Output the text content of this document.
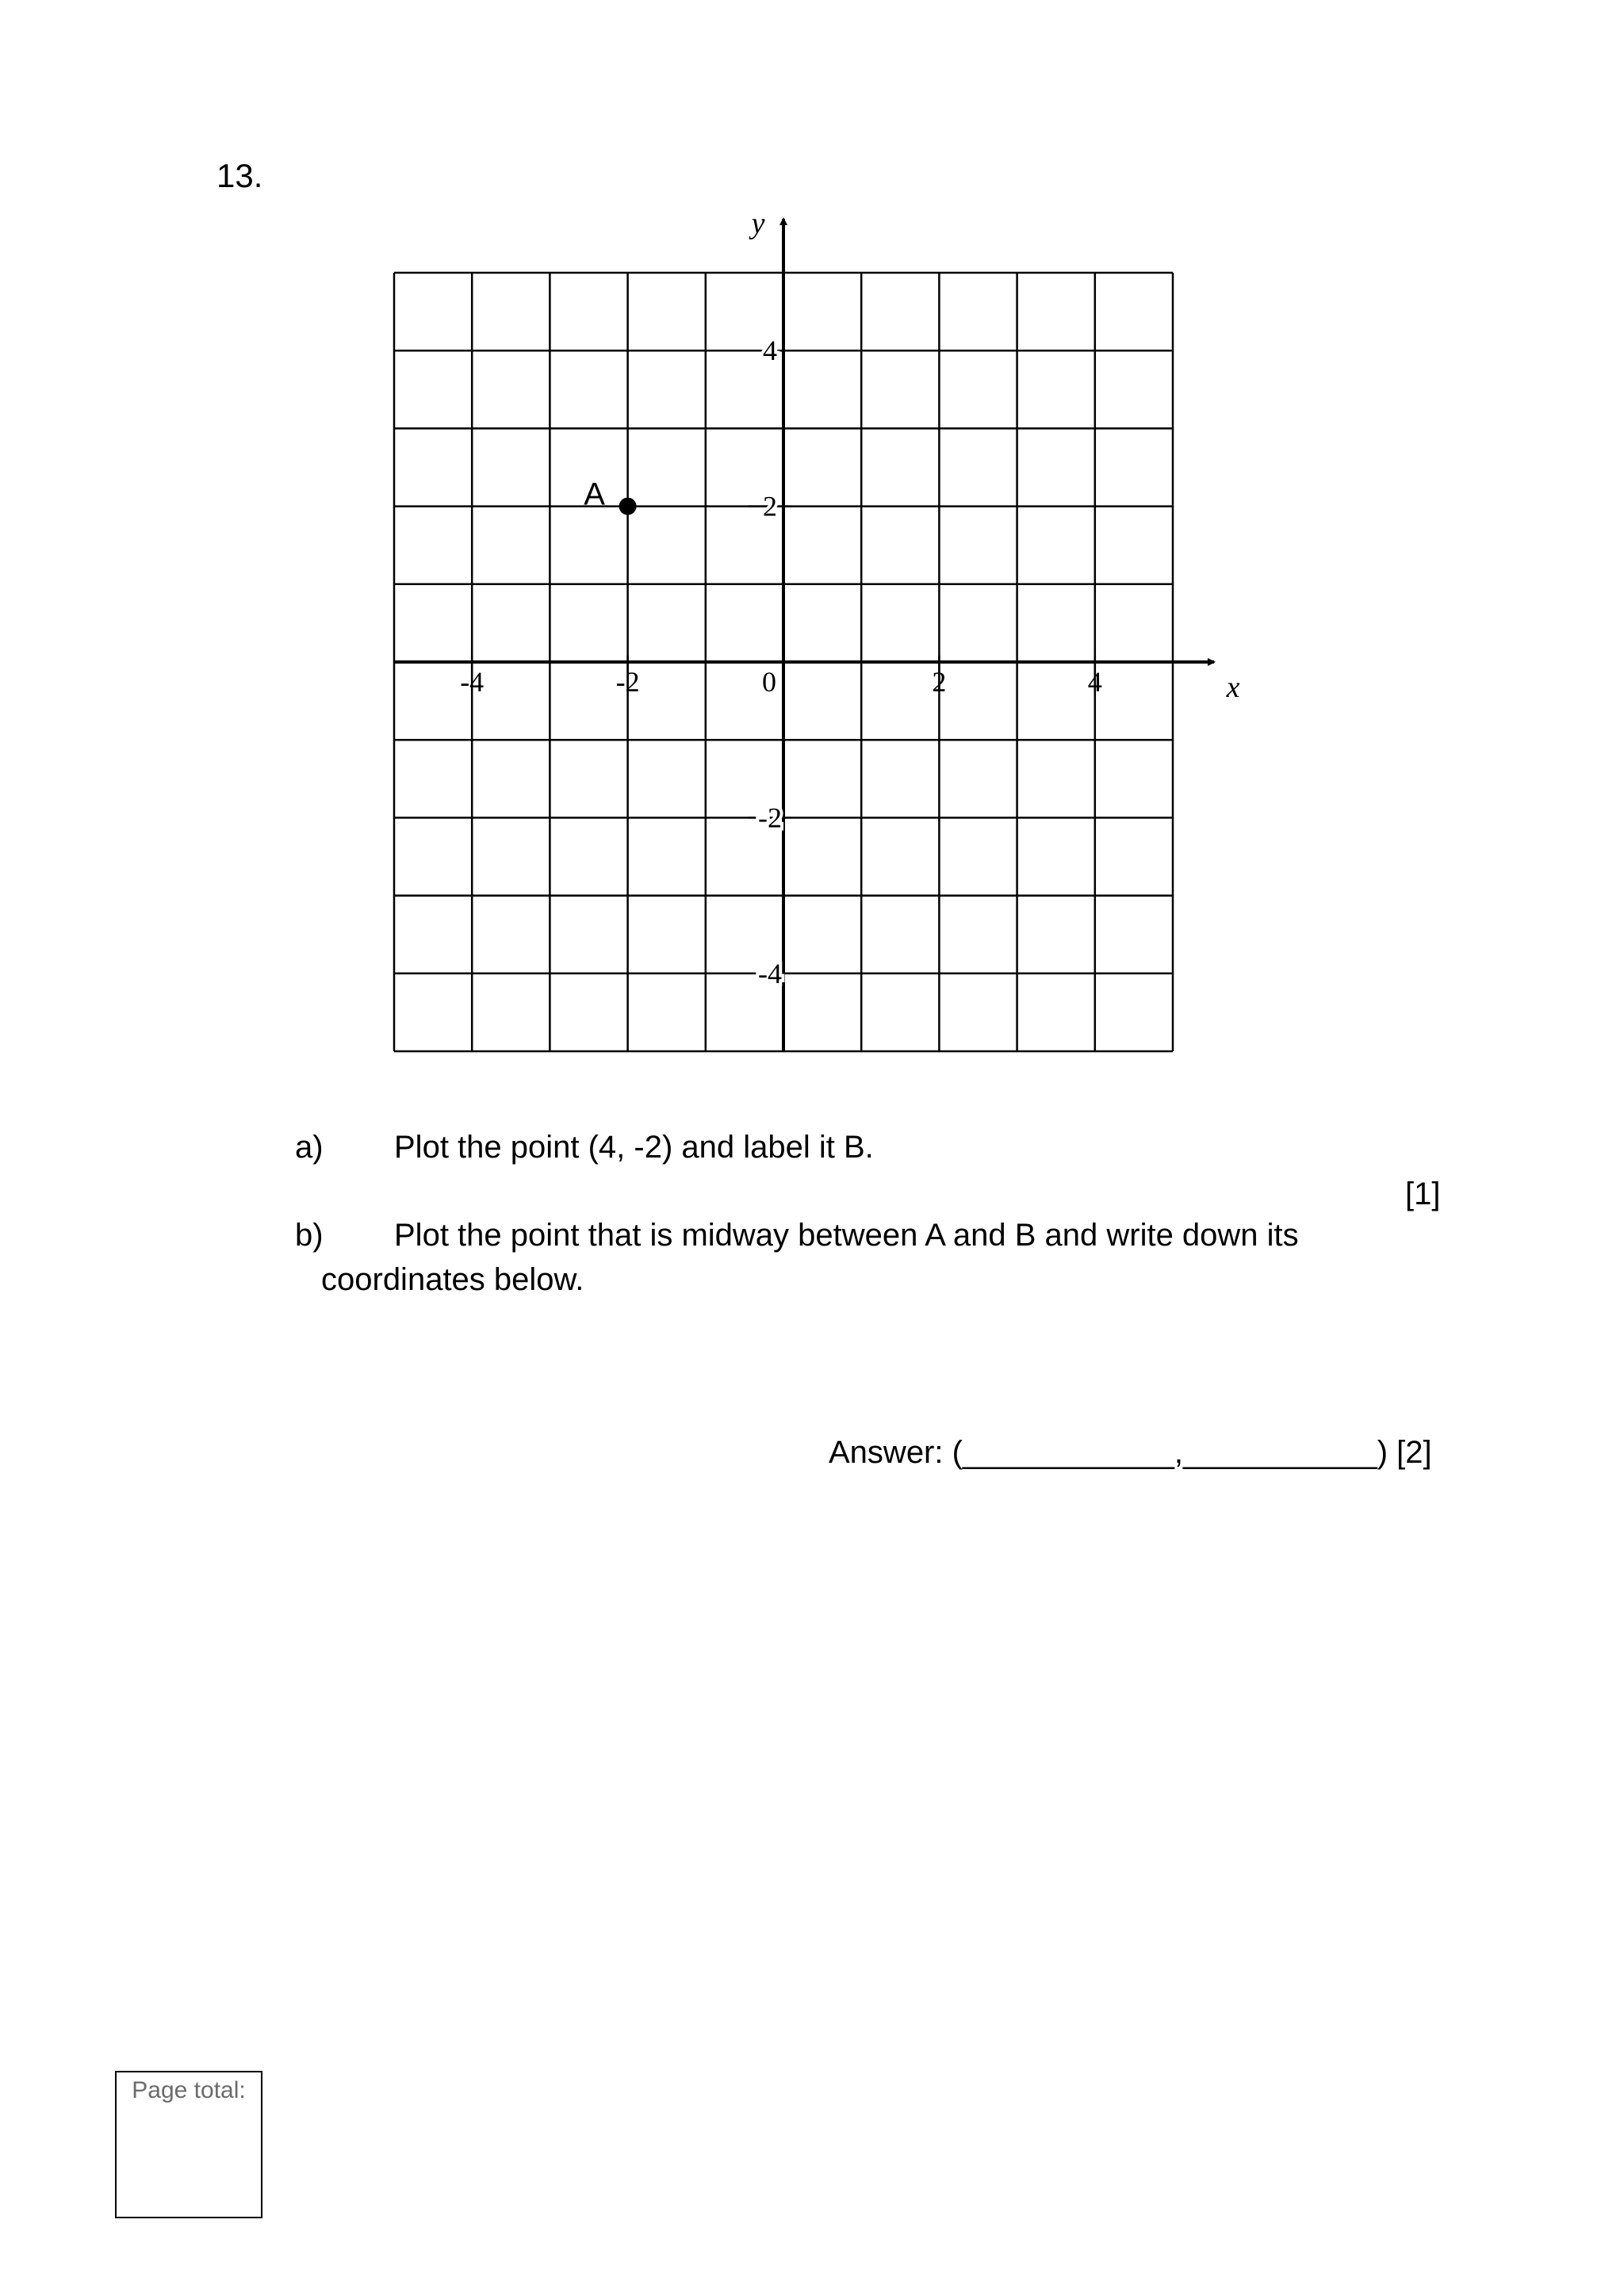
13.
x
y
-4	-2	0	2	4
4
2
-2
-4
A
a) Plot the point (4, -2) and label it B.
[1]
b) Plot the point that is midway between A and B and write down its
coordinates below.
Answer: (____________,___________) [2]
Page total:
